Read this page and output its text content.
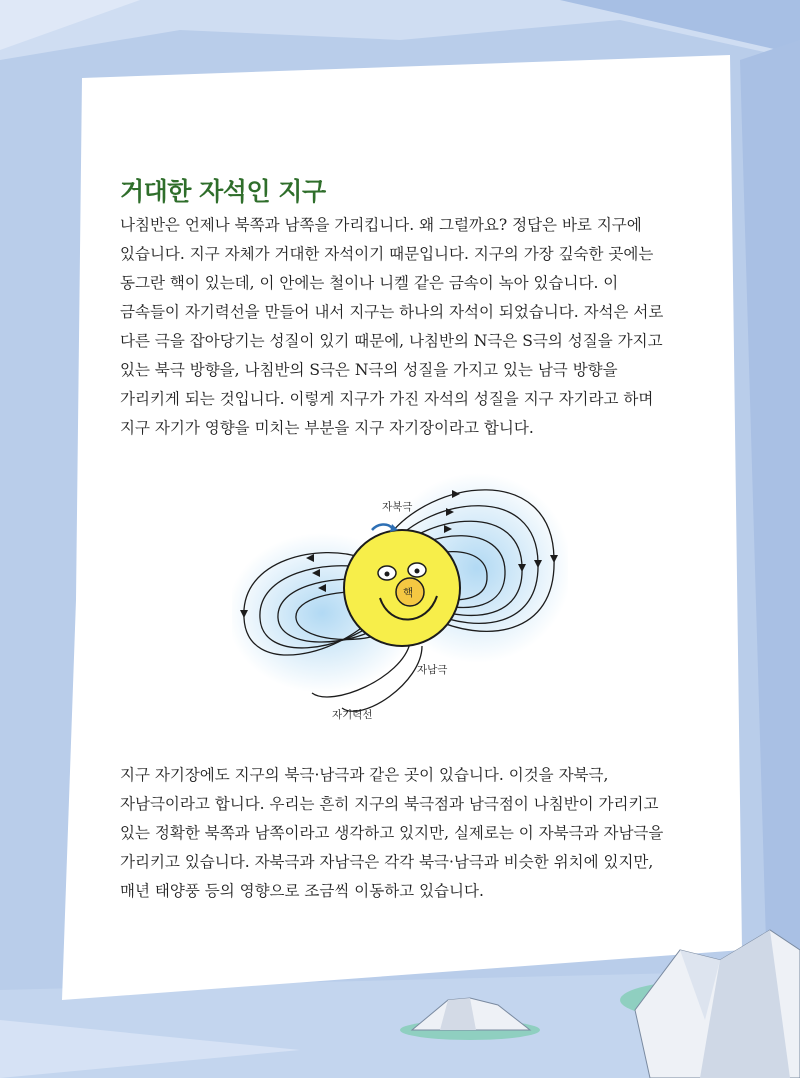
거대한 자석인 지구

나침반은 언제나 북쪽과 남쪽을 가리킵니다. 왜 그럴까요? 정답은 바로 지구에
있습니다. 지구 자체가 거대한 자석이기 때문입니다. 지구의 가장 깊숙한 곳에는
동그란 핵이 있는데, 이 안에는 철이나 니켈 같은 금속이 녹아 있습니다. 이
금속들이 자기력선을 만들어 내서 지구는 하나의 자석이 되었습니다. 자석은 서로
다른 극을 잡아당기는 성질이 있기 때문에, 나침반의 N극은 S극의 성질을 가지고
있는 북극 방향을, 나침반의 S극은 N극의 성질을 가지고 있는 남극 방향을
가리키게 되는 것입니다. 이렇게 지구가 가진 자석의 성질을 지구 자기라고 하며
지구 자기가 영향을 미치는 부분을 지구 자기장이라고 합니다.

자북극
자남극
자기력선
핵

지구 자기장에도 지구의 북극·남극과 같은 곳이 있습니다. 이것을 자북극,
자남극이라고 합니다. 우리는 흔히 지구의 북극점과 남극점이 나침반이 가리키고
있는 정확한 북쪽과 남쪽이라고 생각하고 있지만, 실제로는 이 자북극과 자남극을
가리키고 있습니다. 자북극과 자남극은 각각 북극·남극과 비슷한 위치에 있지만,
매년 태양풍 등의 영향으로 조금씩 이동하고 있습니다.
